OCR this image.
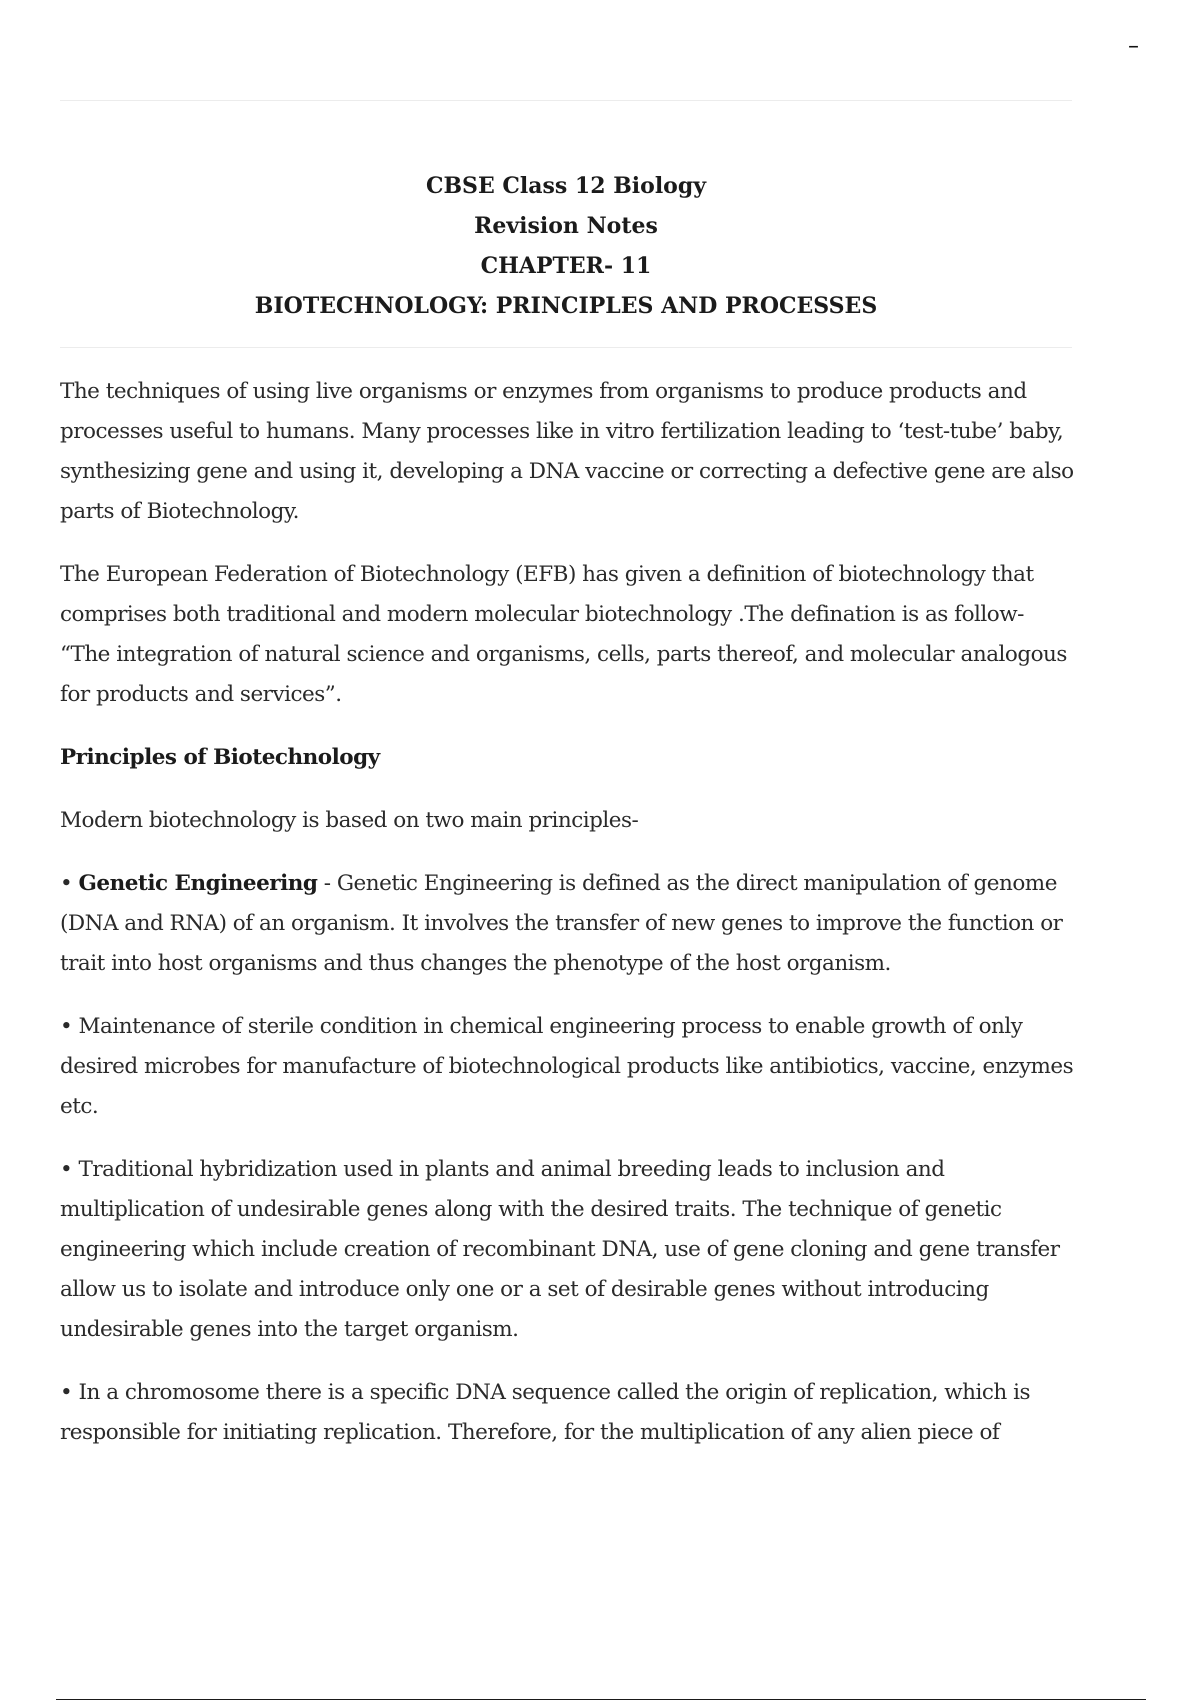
–
CBSE Class 12 Biology
Revision Notes
CHAPTER- 11
BIOTECHNOLOGY: PRINCIPLES AND PROCESSES

The techniques of using live organisms or enzymes from organisms to produce products and processes useful to humans. Many processes like in vitro fertilization leading to ‘test-tube’ baby, synthesizing gene and using it, developing a DNA vaccine or correcting a defective gene are also parts of Biotechnology.

The European Federation of Biotechnology (EFB) has given a definition of biotechnology that comprises both traditional and modern molecular biotechnology .The defination is as follow- “The integration of natural science and organisms, cells, parts thereof, and molecular analogous for products and services”.

Principles of Biotechnology

Modern biotechnology is based on two main principles-

• Genetic Engineering - Genetic Engineering is defined as the direct manipulation of genome (DNA and RNA) of an organism. It involves the transfer of new genes to improve the function or trait into host organisms and thus changes the phenotype of the host organism.

• Maintenance of sterile condition in chemical engineering process to enable growth of only desired microbes for manufacture of biotechnological products like antibiotics, vaccine, enzymes etc.

• Traditional hybridization used in plants and animal breeding leads to inclusion and multiplication of undesirable genes along with the desired traits. The technique of genetic engineering which include creation of recombinant DNA, use of gene cloning and gene transfer allow us to isolate and introduce only one or a set of desirable genes without introducing undesirable genes into the target organism.

• In a chromosome there is a specific DNA sequence called the origin of replication, which is responsible for initiating replication. Therefore, for the multiplication of any alien piece of
